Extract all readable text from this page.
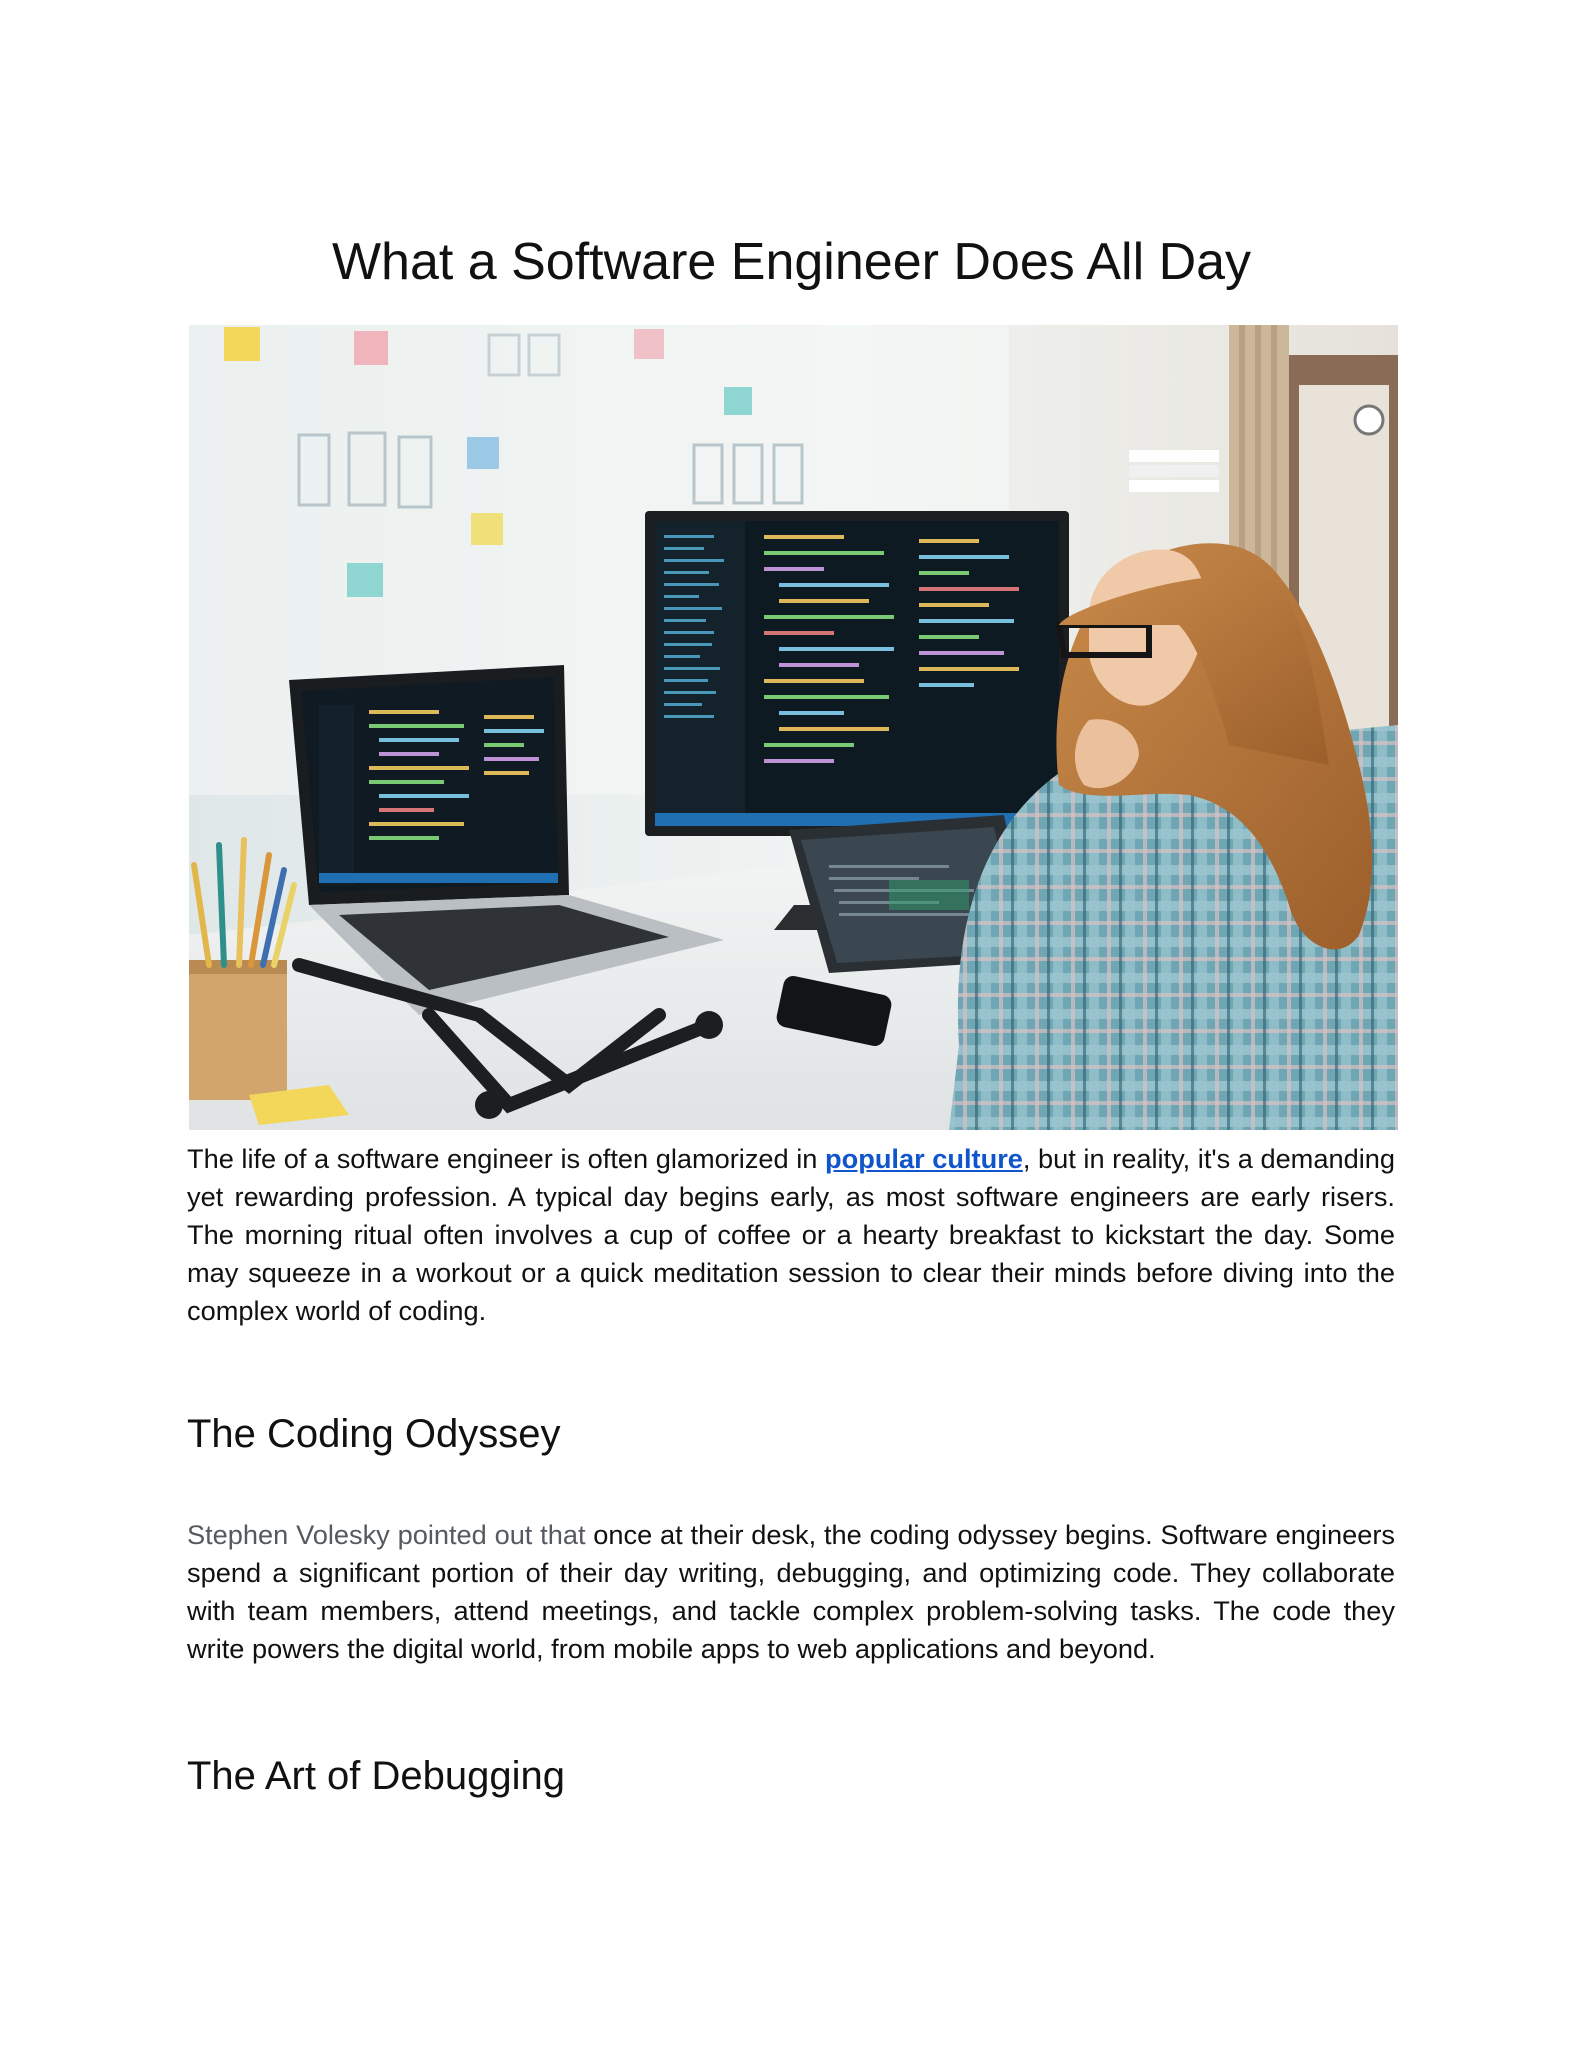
What a Software Engineer Does All Day

The life of a software engineer is often glamorized in popular culture, but in reality, it's a demanding yet rewarding profession. A typical day begins early, as most software engineers are early risers. The morning ritual often involves a cup of coffee or a hearty breakfast to kickstart the day. Some may squeeze in a workout or a quick meditation session to clear their minds before diving into the complex world of coding.

The Coding Odyssey

Stephen Volesky pointed out that once at their desk, the coding odyssey begins. Software engineers spend a significant portion of their day writing, debugging, and optimizing code. They collaborate with team members, attend meetings, and tackle complex problem-solving tasks. The code they write powers the digital world, from mobile apps to web applications and beyond.

The Art of Debugging
